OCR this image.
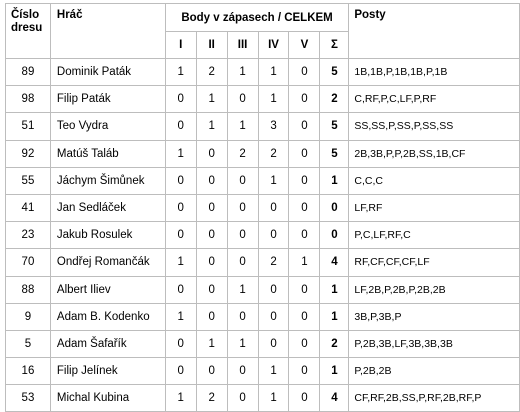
Číslo dresu	Hráč	Body v zápasech / CELKEM						Posty
		I	II	III	IV	V	Σ	
89	Dominik Paták	1	2	1	1	0	5	1B,1B,P,1B,1B,P,1B
98	Filip Paták	0	1	0	1	0	2	C,RF,P,C,LF,P,RF
51	Teo Vydra	0	1	1	3	0	5	SS,SS,P,SS,P,SS,SS
92	Matúš Taláb	1	0	2	2	0	5	2B,3B,P,P,2B,SS,1B,CF
55	Jáchym Šimůnek	0	0	0	1	0	1	C,C,C
41	Jan Sedláček	0	0	0	0	0	0	LF,RF
23	Jakub Rosulek	0	0	0	0	0	0	P,C,LF,RF,C
70	Ondřej Romančák	1	0	0	2	1	4	RF,CF,CF,CF,LF
88	Albert Iliev	0	0	1	0	0	1	LF,2B,P,2B,P,2B,2B
9	Adam B. Kodenko	1	0	0	0	0	1	3B,P,3B,P
5	Adam Šafařík	0	1	1	0	0	2	P,2B,3B,LF,3B,3B,3B
16	Filip Jelínek	0	0	0	1	0	1	P,2B,2B
53	Michal Kubina	1	2	0	1	0	4	CF,RF,2B,SS,P,RF,2B,RF,P
